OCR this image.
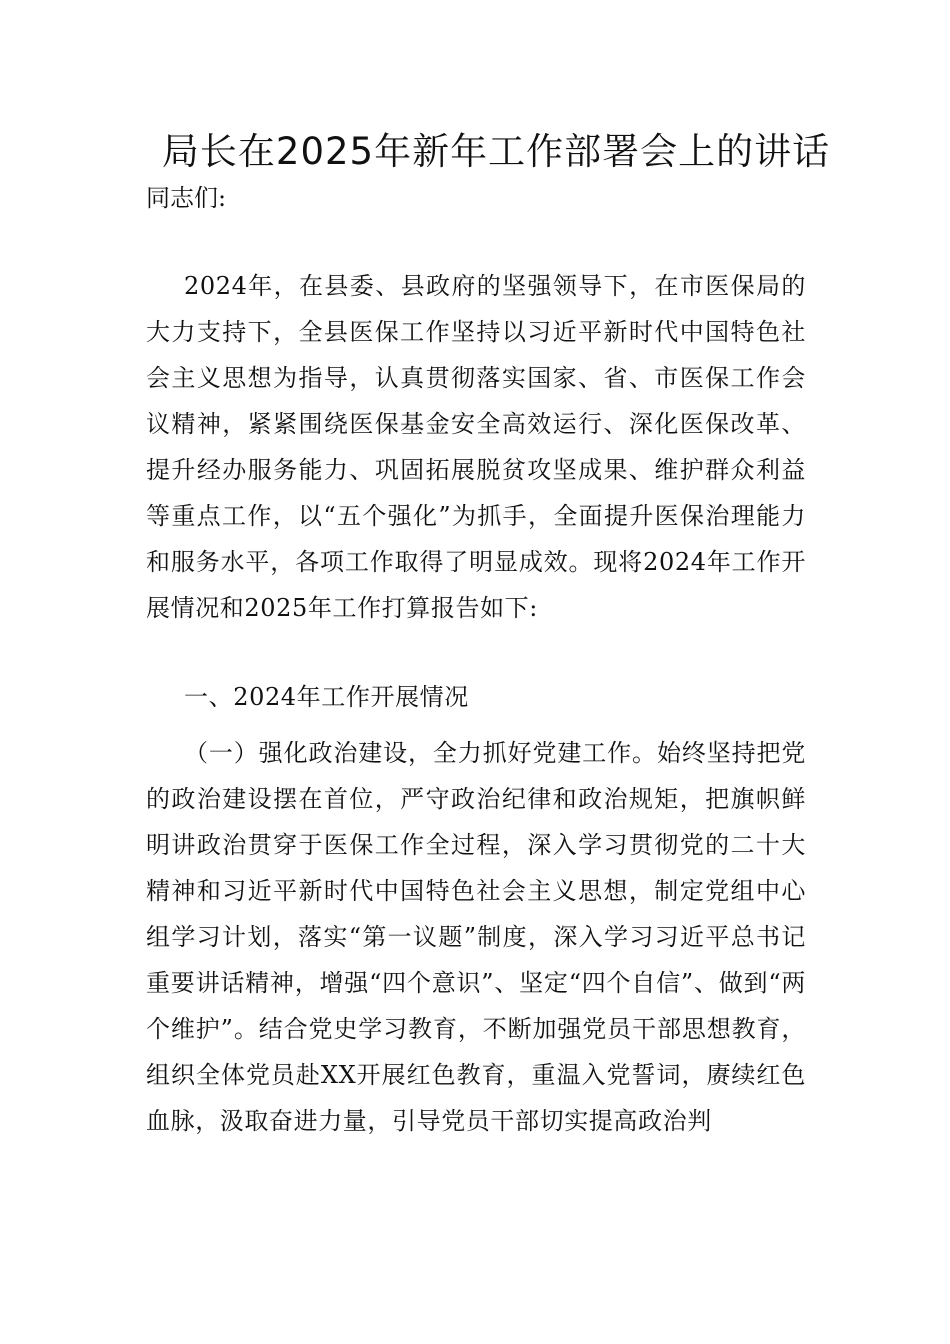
局长在2025年新年工作部署会上的讲话

同志们:

2024年，在县委、县政府的坚强领导下，在市医保局的大力支持下，全县医保工作坚持以习近平新时代中国特色社会主义思想为指导，认真贯彻落实国家、省、市医保工作会议精神，紧紧围绕医保基金安全高效运行、深化医保改革、提升经办服务能力、巩固拓展脱贫攻坚成果、维护群众利益等重点工作，以“五个强化”为抓手，全面提升医保治理能力和服务水平，各项工作取得了明显成效。现将2024年工作开展情况和2025年工作打算报告如下:

一、2024年工作开展情况

（一）强化政治建设，全力抓好党建工作。始终坚持把党的政治建设摆在首位，严守政治纪律和政治规矩，把旗帜鲜明讲政治贯穿于医保工作全过程，深入学习贯彻党的二十大精神和习近平新时代中国特色社会主义思想，制定党组中心组学习计划，落实“第一议题”制度，深入学习习近平总书记重要讲话精神，增强“四个意识”、坚定“四个自信”、做到“两个维护”。结合党史学习教育，不断加强党员干部思想教育，组织全体党员赴XX开展红色教育，重温入党誓词，赓续红色血脉，汲取奋进力量，引导党员干部切实提高政治判
